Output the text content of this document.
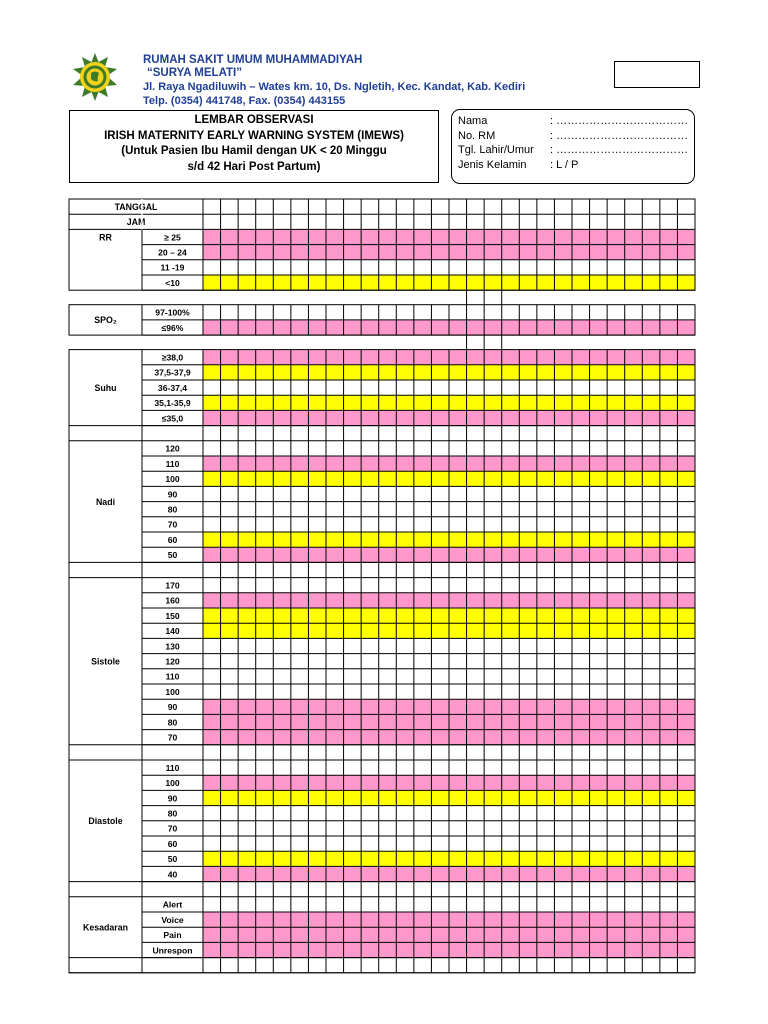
RUMAH SAKIT UMUM MUHAMMADIYAH
“SURYA MELATI”
Jl. Raya Ngadiluwih – Wates km. 10, Ds. Ngletih, Kec. Kandat, Kab. Kediri
Telp. (0354) 441748, Fax. (0354) 443155
LEMBAR OBSERVASI
IRISH MATERNITY EARLY WARNING SYSTEM (IMEWS)
(Untuk Pasien Ibu Hamil dengan UK < 20 Minggu
s/d 42 Hari Post Partum)
Nama	: ………………………………
No. RM	: ………………………………
Tgl. Lahir/Umur : ………………………………
Jenis Kelamin : L / P
TANGGAL
JAM
≥ 25
20 – 24
11 -19
<10
RR
97-100%
≤96%
SPO₂
≥38,0
37,5-37,9
36-37,4
35,1-35,9
≤35,0
Suhu
120
110
100
90
80
70
60
50
Nadi
170
160
150
140
130
120
110
100
90
80
70
Sistole
110
100
90
80
70
60
50
40
Diastole
Alert
Voice
Pain
Unrespon
Kesadaran
